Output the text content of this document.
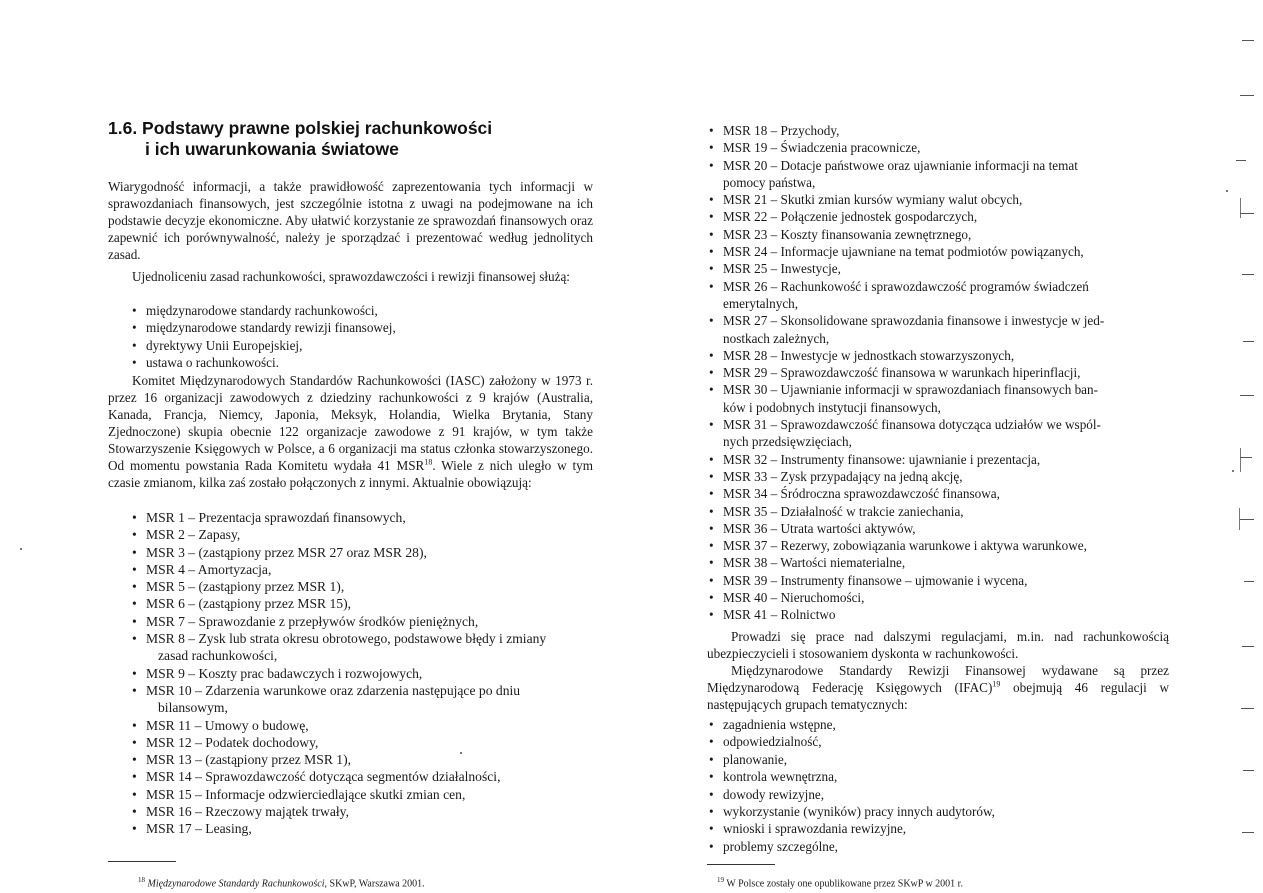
1.6. Podstawy prawne polskiej rachunkowości
i ich uwarunkowania światowe
Wiarygodność informacji, a także prawidłowość zaprezentowania tych informacji w sprawozdaniach finansowych, jest szczególnie istotna z uwagi na podejmowane na ich podstawie decyzje ekonomiczne. Aby ułatwić korzystanie ze sprawozdań finansowych oraz zapewnić ich porównywalność, należy je sporządzać i prezentować według jednolitych zasad.
Ujednoliceniu zasad rachunkowości, sprawozdawczości i rewizji finansowej służą:
• międzynarodowe standardy rachunkowości,
• międzynarodowe standardy rewizji finansowej,
• dyrektywy Unii Europejskiej,
• ustawa o rachunkowości.
Komitet Międzynarodowych Standardów Rachunkowości (IASC) założony w 1973 r. przez 16 organizacji zawodowych z dziedziny rachunkowości z 9 krajów (Australia, Kanada, Francja, Niemcy, Japonia, Meksyk, Holandia, Wielka Brytania, Stany Zjednoczone) skupia obecnie 122 organizacje zawodowe z 91 krajów, w tym także Stowarzyszenie Księgowych w Polsce, a 6 organizacji ma status członka stowarzyszonego. Od momentu powstania Rada Komitetu wydała 41 MSR$^{18}$. Wiele z nich uległo w tym czasie zmianom, kilka zaś zostało połączonych z innymi. Aktualnie obowiązują:
• MSR 1 – Prezentacja sprawozdań finansowych,
• MSR 2 – Zapasy,
• MSR 3 – (zastąpiony przez MSR 27 oraz MSR 28),
• MSR 4 – Amortyzacja,
• MSR 5 – (zastąpiony przez MSR 1),
• MSR 6 – (zastąpiony przez MSR 15),
• MSR 7 – Sprawozdanie z przepływów środków pieniężnych,
• MSR 8 – Zysk lub strata okresu obrotowego, podstawowe błędy i zmiany
zasad rachunkowości,
• MSR 9 – Koszty prac badawczych i rozwojowych,
• MSR 10 – Zdarzenia warunkowe oraz zdarzenia następujące po dniu
bilansowym,
• MSR 11 – Umowy o budowę,
• MSR 12 – Podatek dochodowy,
• MSR 13 – (zastąpiony przez MSR 1),
• MSR 14 – Sprawozdawczość dotycząca segmentów działalności,
• MSR 15 – Informacje odzwierciedlające skutki zmian cen,
• MSR 16 – Rzeczowy majątek trwały,
• MSR 17 – Leasing,
$^{18}$ Międzynarodowe Standardy Rachunkowości, SKwP, Warszawa 2001.
• MSR 18 – Przychody,
• MSR 19 – Świadczenia pracownicze,
• MSR 20 – Dotacje państwowe oraz ujawnianie informacji na temat
pomocy państwa,
• MSR 21 – Skutki zmian kursów wymiany walut obcych,
• MSR 22 – Połączenie jednostek gospodarczych,
• MSR 23 – Koszty finansowania zewnętrznego,
• MSR 24 – Informacje ujawniane na temat podmiotów powiązanych,
• MSR 25 – Inwestycje,
• MSR 26 – Rachunkowość i sprawozdawczość programów świadczeń
emerytalnych,
• MSR 27 – Skonsolidowane sprawozdania finansowe i inwestycje w jed-
nostkach zależnych,
• MSR 28 – Inwestycje w jednostkach stowarzyszonych,
• MSR 29 – Sprawozdawczość finansowa w warunkach hiperinflacji,
• MSR 30 – Ujawnianie informacji w sprawozdaniach finansowych ban-
ków i podobnych instytucji finansowych,
• MSR 31 – Sprawozdawczość finansowa dotycząca udziałów we wspól-
nych przedsięwzięciach,
• MSR 32 – Instrumenty finansowe: ujawnianie i prezentacja,
• MSR 33 – Zysk przypadający na jedną akcję,
• MSR 34 – Śródroczna sprawozdawczość finansowa,
• MSR 35 – Działalność w trakcie zaniechania,
• MSR 36 – Utrata wartości aktywów,
• MSR 37 – Rezerwy, zobowiązania warunkowe i aktywa warunkowe,
• MSR 38 – Wartości niematerialne,
• MSR 39 – Instrumenty finansowe – ujmowanie i wycena,
• MSR 40 – Nieruchomości,
• MSR 41 – Rolnictwo
Prowadzi się prace nad dalszymi regulacjami, m.in. nad rachunkowością ubezpieczycieli i stosowaniem dyskonta w rachunkowości.
Międzynarodowe Standardy Rewizji Finansowej wydawane są przez Międzynarodową Federację Księgowych (IFAC)$^{19}$ obejmują 46 regulacji w następujących grupach tematycznych:
• zagadnienia wstępne,
• odpowiedzialność,
• planowanie,
• kontrola wewnętrzna,
• dowody rewizyjne,
• wykorzystanie (wyników) pracy innych audytorów,
• wnioski i sprawozdania rewizyjne,
• problemy szczególne,
$^{19}$ W Polsce zostały one opublikowane przez SKwP w 2001 r.
